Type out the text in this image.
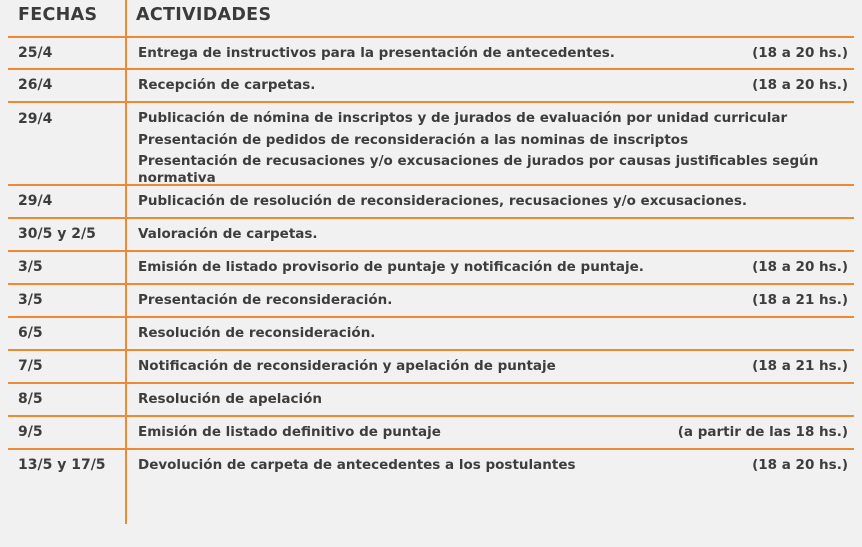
FECHAS ACTIVIDADES
25/4	Entrega de instructivos para la presentación de antecedentes.	(18 a 20 hs.)
26/4	Recepción de carpetas.	(18 a 20 hs.)
29/4	Publicación de nómina de inscriptos y de jurados de evaluación por unidad curricular
Presentación de pedidos de reconsideración a las nominas de inscriptos
Presentación de recusaciones y/o excusaciones de jurados por causas justificables según normativa
29/4	Publicación de resolución de reconsideraciones, recusaciones y/o excusaciones.
30/5 y 2/5	Valoración de carpetas.
3/5	Emisión de listado provisorio de puntaje y notificación de puntaje.	(18 a 20 hs.)
3/5	Presentación de reconsideración.	(18 a 21 hs.)
6/5	Resolución de reconsideración.
7/5	Notificación de reconsideración y apelación de puntaje	(18 a 21 hs.)
8/5	Resolución de apelación
9/5	Emisión de listado definitivo de puntaje	(a partir de las 18 hs.)
13/5 y 17/5 Devolución de carpeta de antecedentes a los postulantes	(18 a 20 hs.)
